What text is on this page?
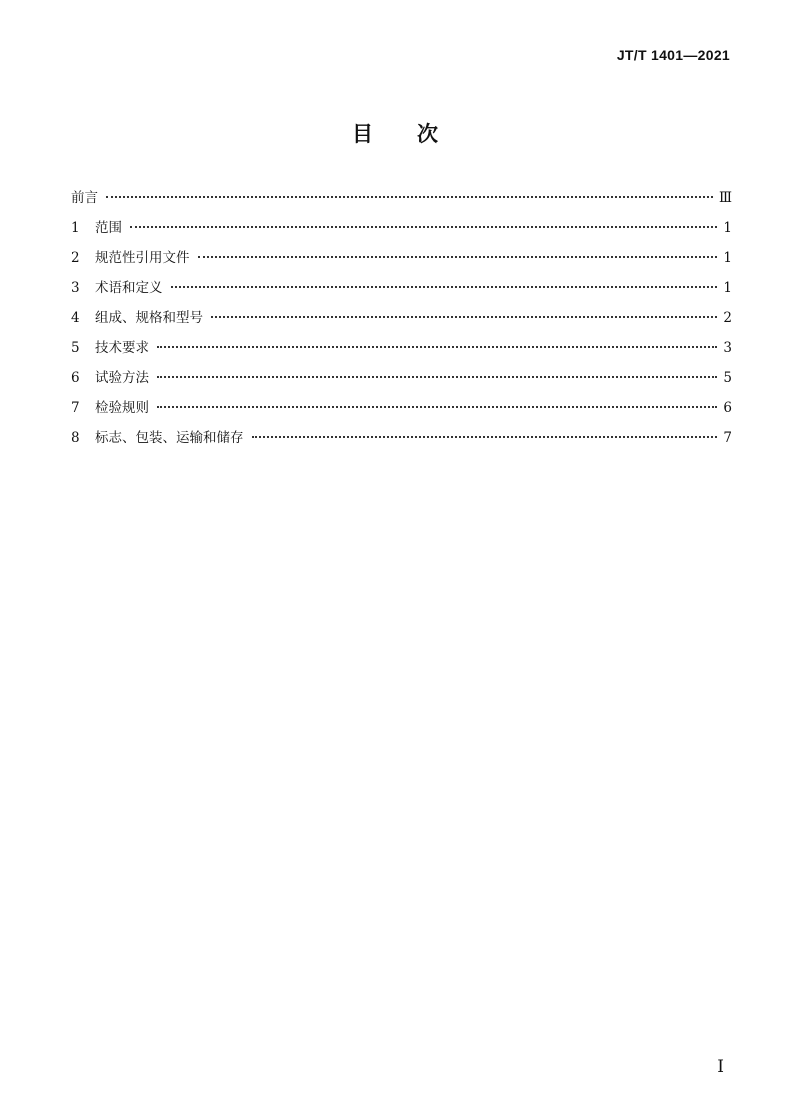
JT/T 1401—2021
目次
前言	Ⅲ
1	范围	1
2	规范性引用文件	1
3	术语和定义	1
4	组成、规格和型号	2
5	技术要求	3
6	试验方法	5
7	检验规则	6
8	标志、包装、运输和储存	7
I
